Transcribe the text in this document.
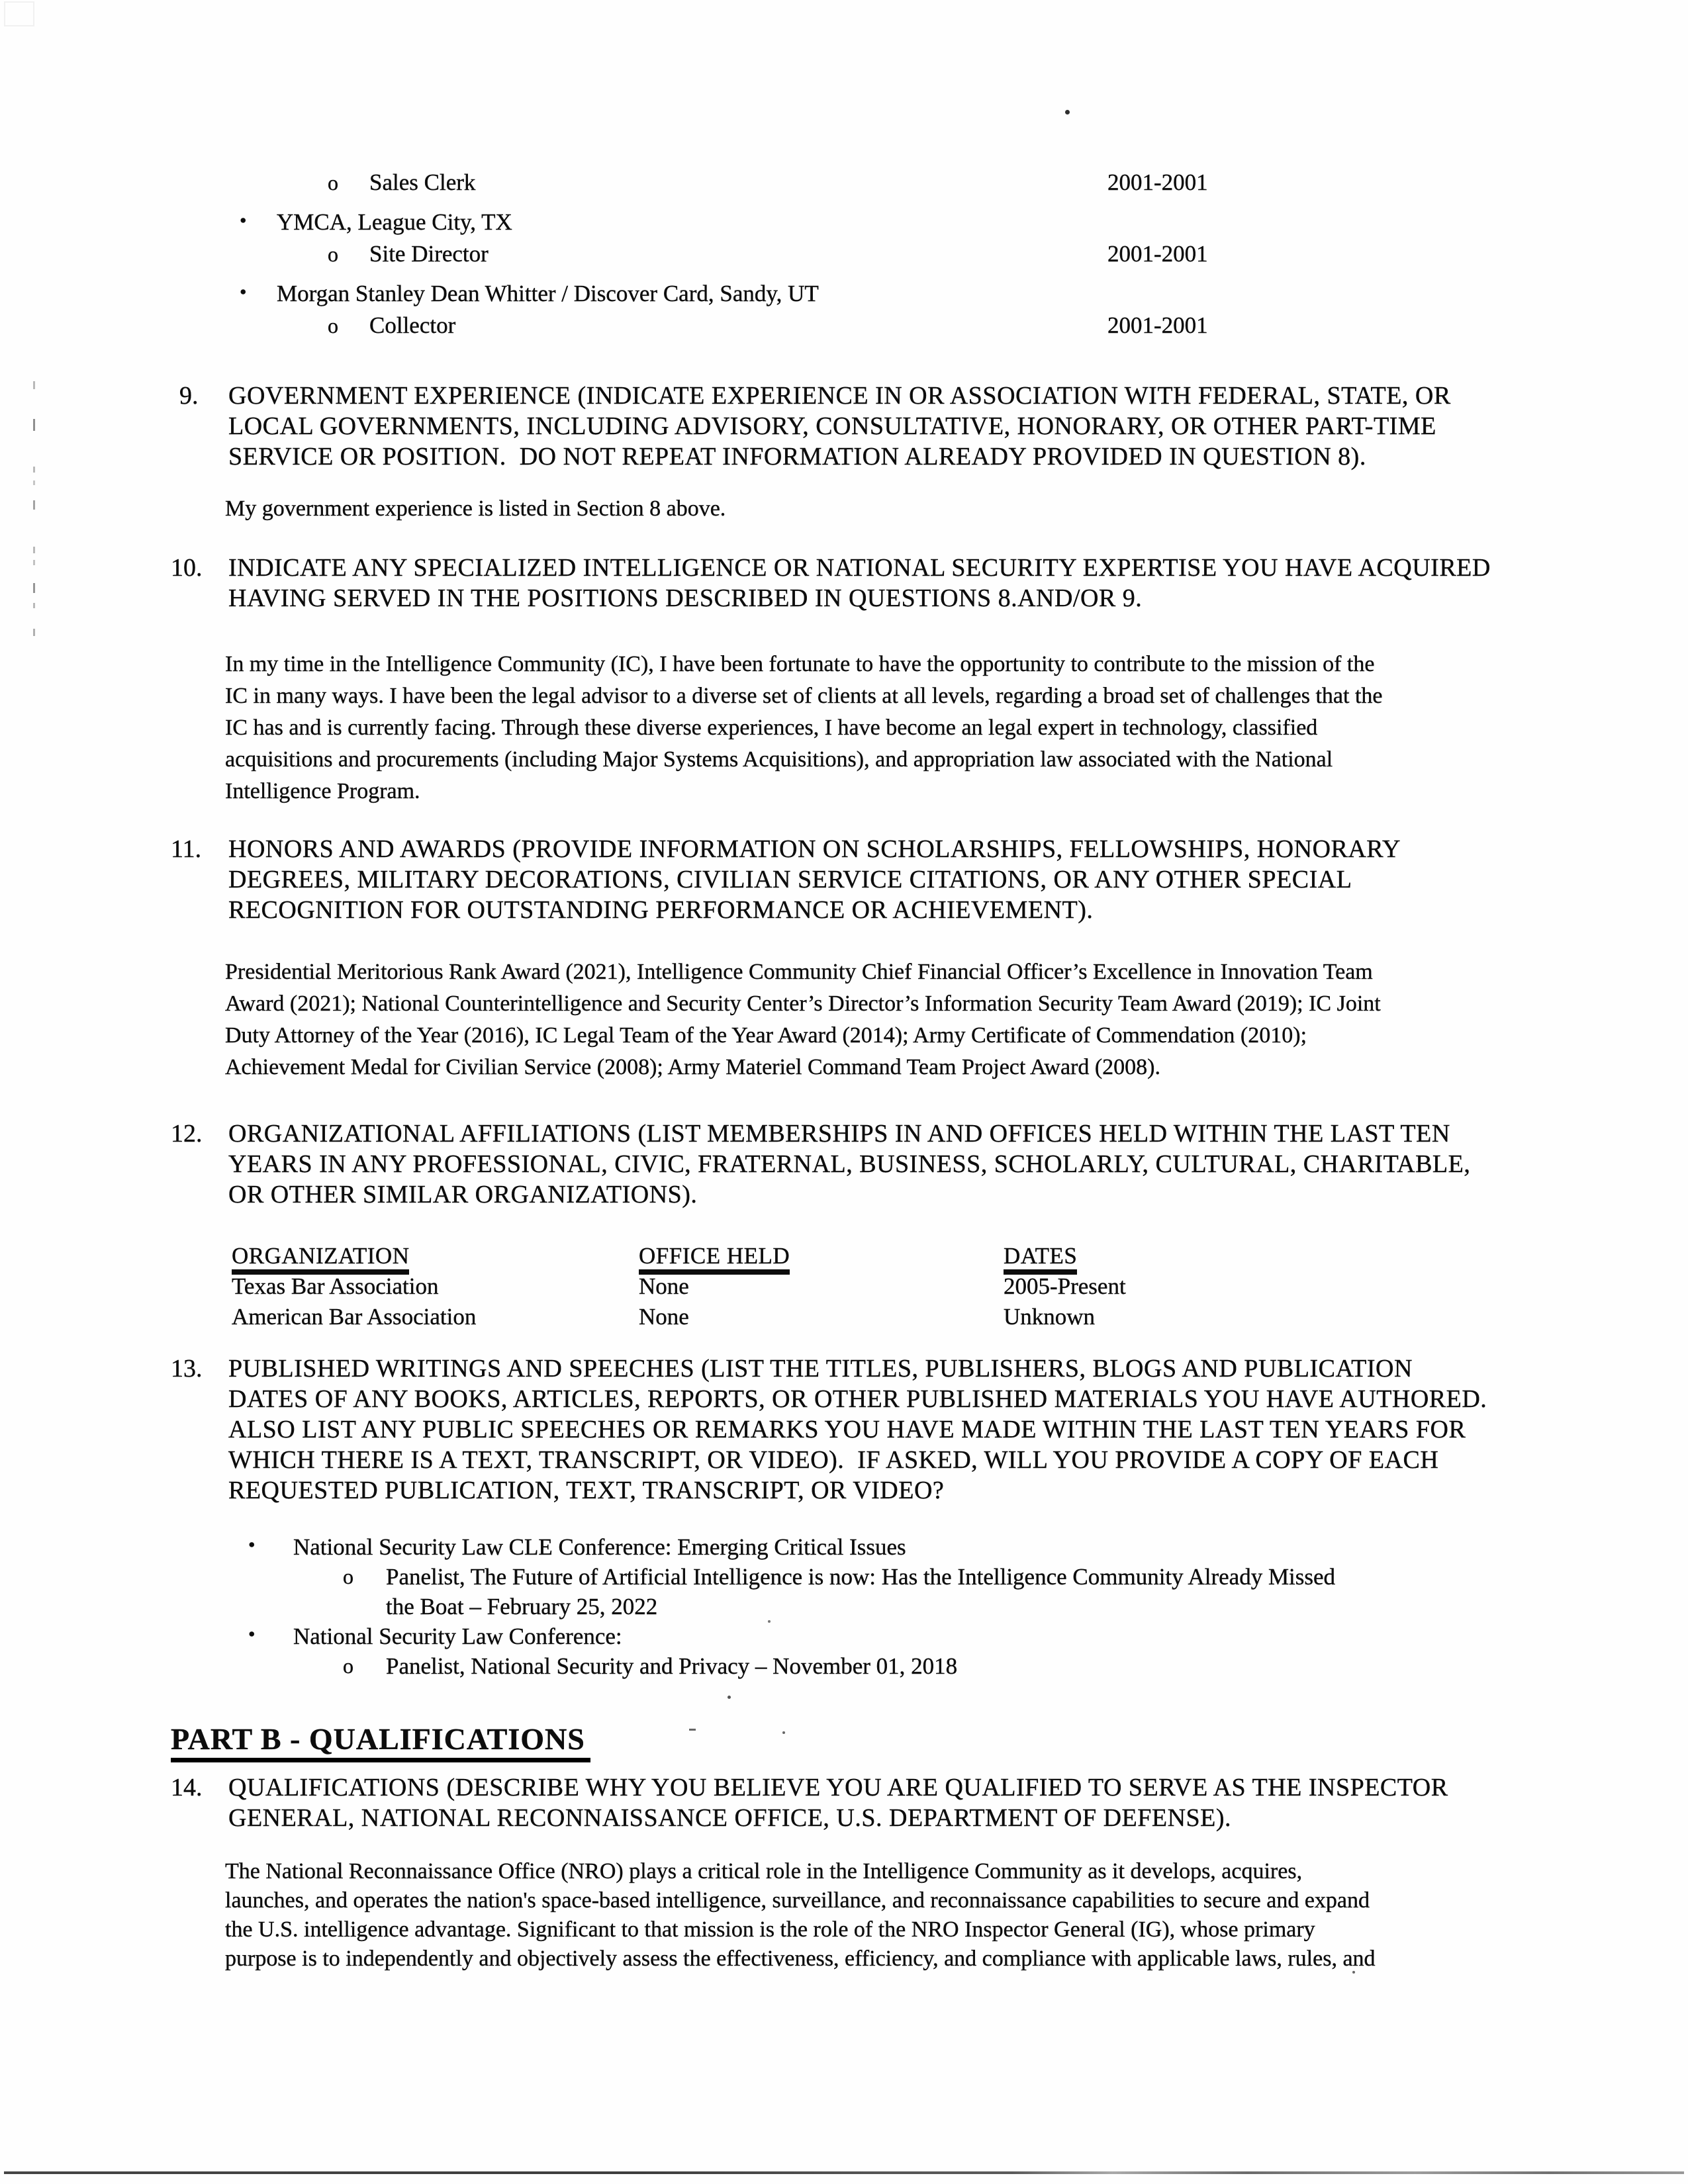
o Sales Clerk	2001-2001
• YMCA, League City, TX
o Site Director	2001-2001
• Morgan Stanley Dean Whitter / Discover Card, Sandy, UT
o Collector	2001-2001
9.	GOVERNMENT EXPERIENCE (INDICATE EXPERIENCE IN OR ASSOCIATION WITH FEDERAL, STATE, OR
LOCAL GOVERNMENTS, INCLUDING ADVISORY, CONSULTATIVE, HONORARY, OR OTHER PART-TIME
SERVICE OR POSITION.  DO NOT REPEAT INFORMATION ALREADY PROVIDED IN QUESTION 8).
My government experience is listed in Section 8 above.
10.	INDICATE ANY SPECIALIZED INTELLIGENCE OR NATIONAL SECURITY EXPERTISE YOU HAVE ACQUIRED
HAVING SERVED IN THE POSITIONS DESCRIBED IN QUESTIONS 8.AND/OR 9.
In my time in the Intelligence Community (IC), I have been fortunate to have the opportunity to contribute to the mission of the
IC in many ways. I have been the legal advisor to a diverse set of clients at all levels, regarding a broad set of challenges that the
IC has and is currently facing. Through these diverse experiences, I have become an legal expert in technology, classified
acquisitions and procurements (including Major Systems Acquisitions), and appropriation law associated with the National
Intelligence Program.
11.	HONORS AND AWARDS (PROVIDE INFORMATION ON SCHOLARSHIPS, FELLOWSHIPS, HONORARY
DEGREES, MILITARY DECORATIONS, CIVILIAN SERVICE CITATIONS, OR ANY OTHER SPECIAL
RECOGNITION FOR OUTSTANDING PERFORMANCE OR ACHIEVEMENT).
Presidential Meritorious Rank Award (2021), Intelligence Community Chief Financial Officer’s Excellence in Innovation Team
Award (2021); National Counterintelligence and Security Center’s Director’s Information Security Team Award (2019); IC Joint
Duty Attorney of the Year (2016), IC Legal Team of the Year Award (2014); Army Certificate of Commendation (2010);
Achievement Medal for Civilian Service (2008); Army Materiel Command Team Project Award (2008).
12.	ORGANIZATIONAL AFFILIATIONS (LIST MEMBERSHIPS IN AND OFFICES HELD WITHIN THE LAST TEN
YEARS IN ANY PROFESSIONAL, CIVIC, FRATERNAL, BUSINESS, SCHOLARLY, CULTURAL, CHARITABLE,
OR OTHER SIMILAR ORGANIZATIONS).
ORGANIZATION	OFFICE HELD	DATES
Texas Bar Association	None	2005-Present
American Bar Association	None	Unknown
13.	PUBLISHED WRITINGS AND SPEECHES (LIST THE TITLES, PUBLISHERS, BLOGS AND PUBLICATION
DATES OF ANY BOOKS, ARTICLES, REPORTS, OR OTHER PUBLISHED MATERIALS YOU HAVE AUTHORED.
ALSO LIST ANY PUBLIC SPEECHES OR REMARKS YOU HAVE MADE WITHIN THE LAST TEN YEARS FOR
WHICH THERE IS A TEXT, TRANSCRIPT, OR VIDEO).  IF ASKED, WILL YOU PROVIDE A COPY OF EACH
REQUESTED PUBLICATION, TEXT, TRANSCRIPT, OR VIDEO?
• National Security Law CLE Conference: Emerging Critical Issues
o Panelist, The Future of Artificial Intelligence is now: Has the Intelligence Community Already Missed
the Boat – February 25, 2022
• National Security Law Conference:
o Panelist, National Security and Privacy – November 01, 2018
PART B - QUALIFICATIONS
14.	QUALIFICATIONS (DESCRIBE WHY YOU BELIEVE YOU ARE QUALIFIED TO SERVE AS THE INSPECTOR
GENERAL, NATIONAL RECONNAISSANCE OFFICE, U.S. DEPARTMENT OF DEFENSE).
The National Reconnaissance Office (NRO) plays a critical role in the Intelligence Community as it develops, acquires,
launches, and operates the nation's space-based intelligence, surveillance, and reconnaissance capabilities to secure and expand
the U.S. intelligence advantage. Significant to that mission is the role of the NRO Inspector General (IG), whose primary
purpose is to independently and objectively assess the effectiveness, efficiency, and compliance with applicable laws, rules, and
